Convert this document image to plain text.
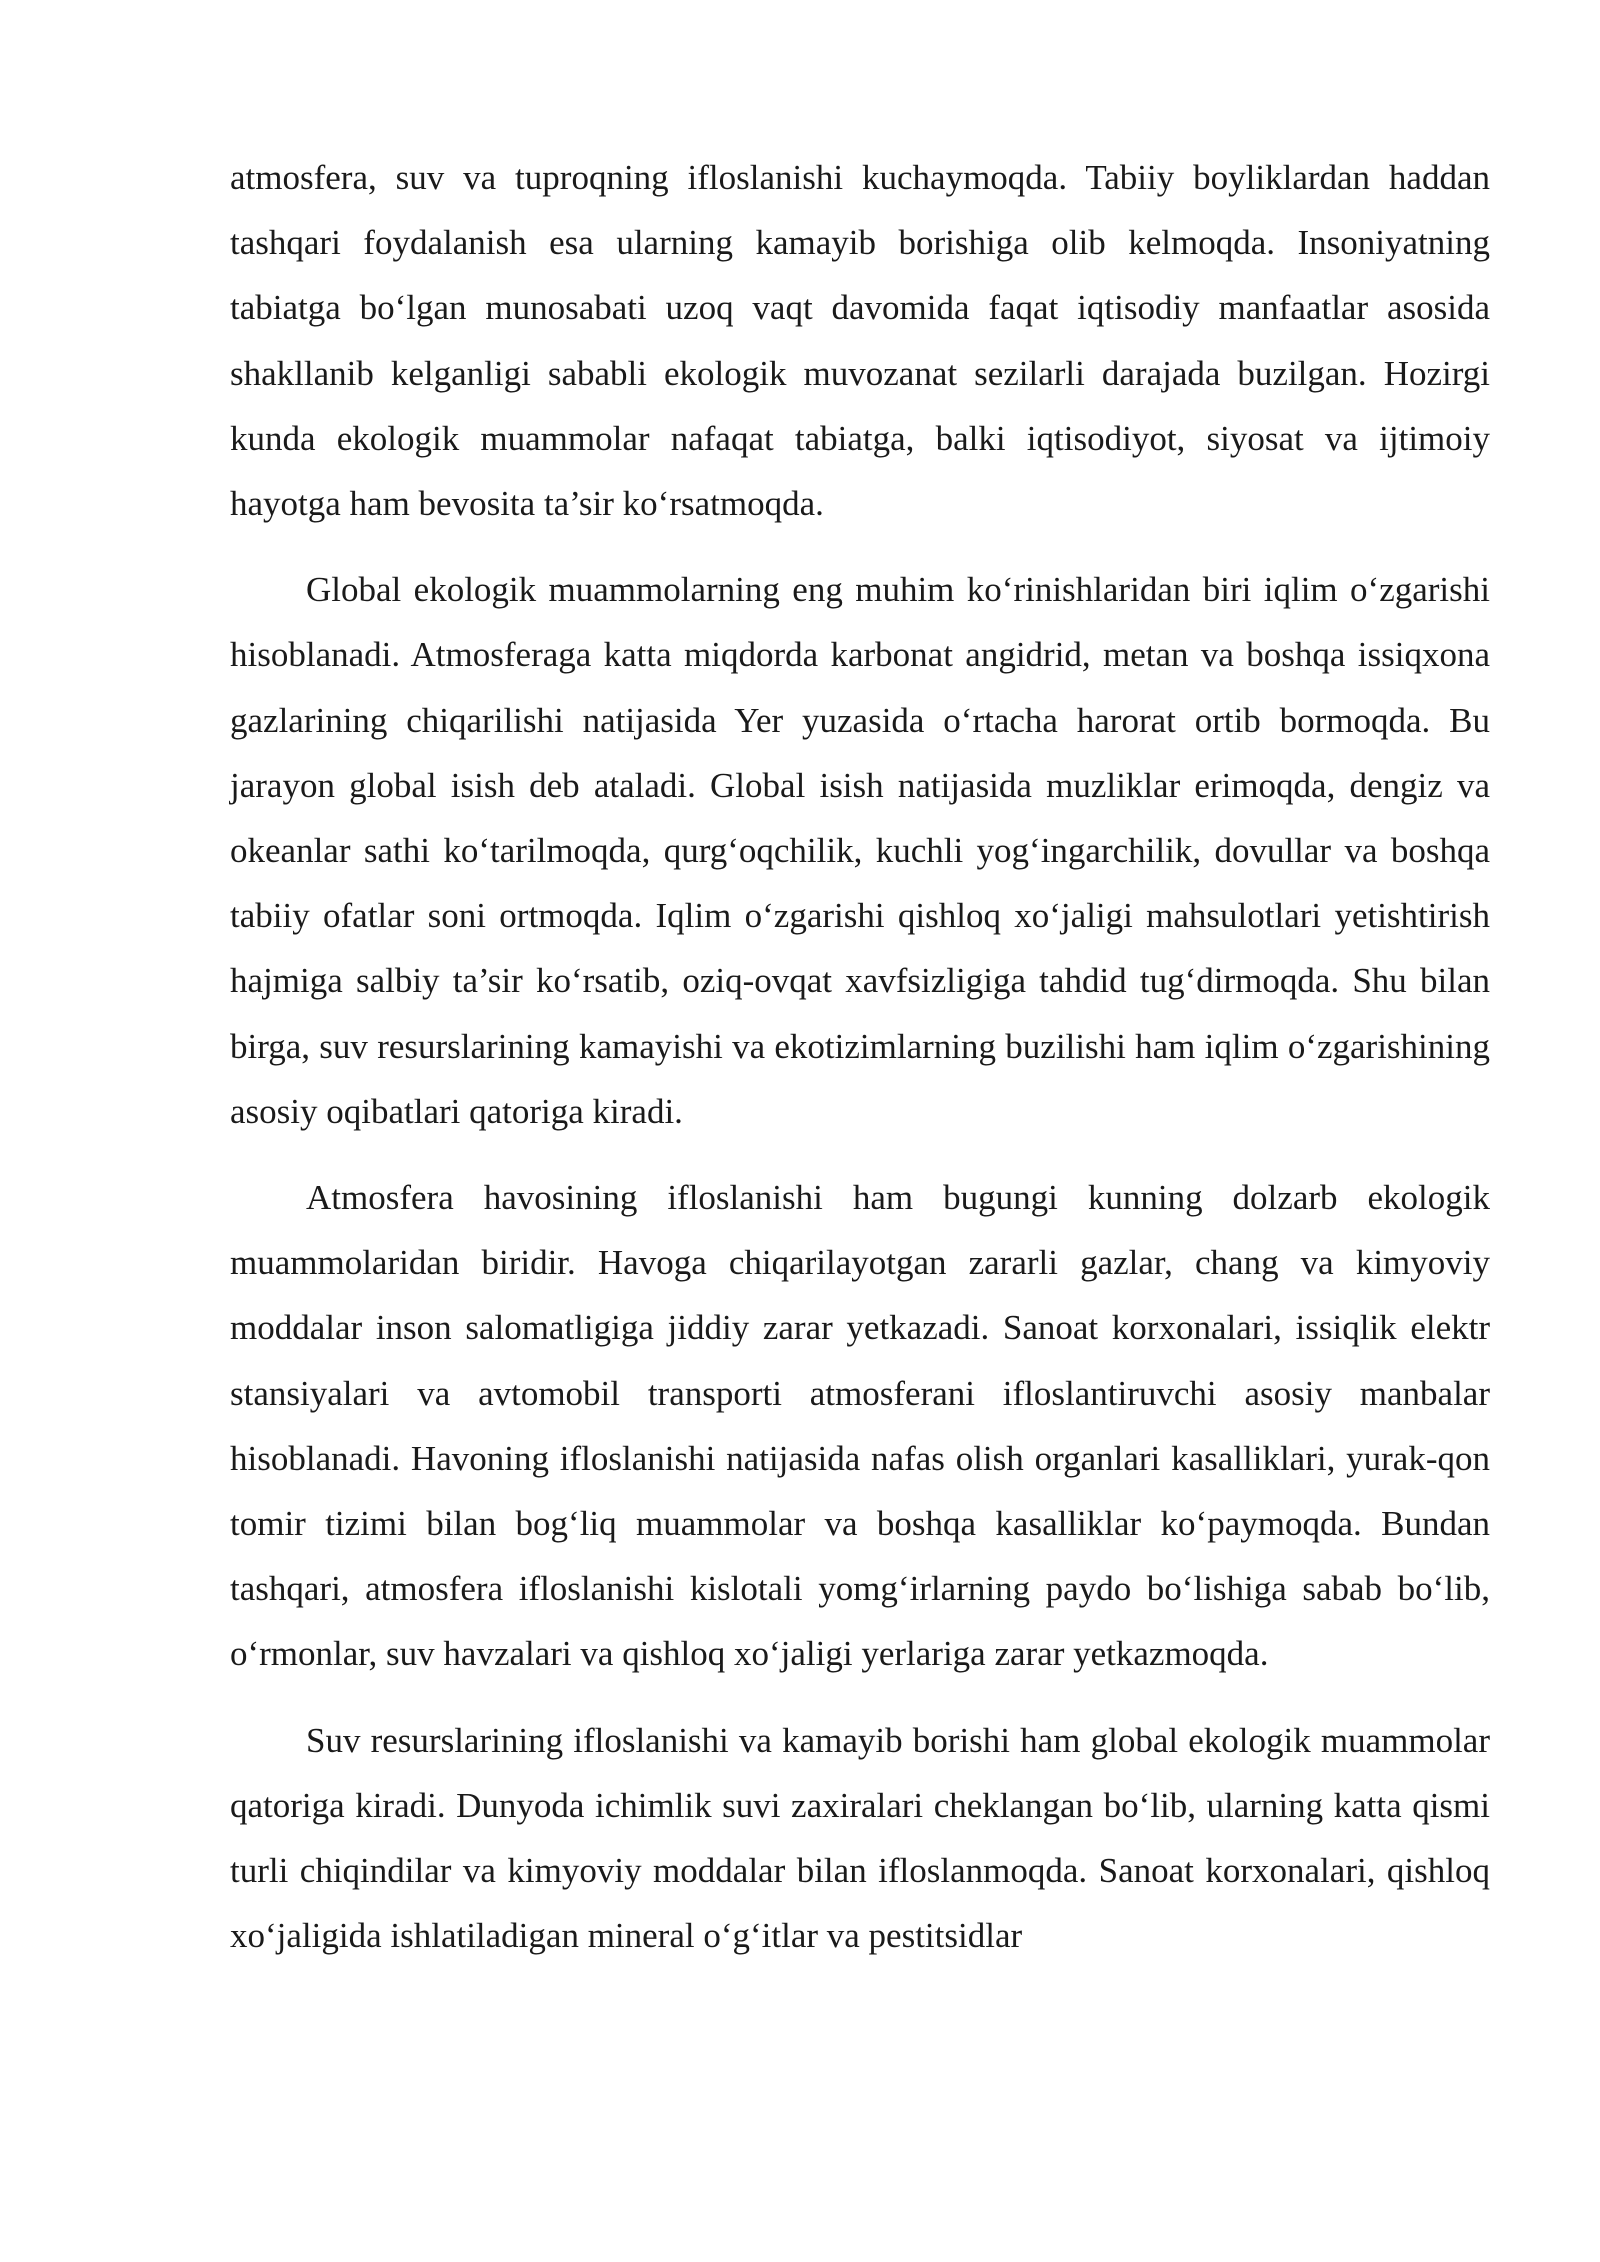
atmosfera, suv va tuproqning ifloslanishi kuchaymoqda. Tabiiy boyliklardan haddan tashqari foydalanish esa ularning kamayib borishiga olib kelmoqda. Insoniyatning tabiatga bo‘lgan munosabati uzoq vaqt davomida faqat iqtisodiy manfaatlar asosida shakllanib kelganligi sababli ekologik muvozanat sezilarli darajada buzilgan. Hozirgi kunda ekologik muammolar nafaqat tabiatga, balki iqtisodiyot, siyosat va ijtimoiy hayotga ham bevosita ta’sir ko‘rsatmoqda.

Global ekologik muammolarning eng muhim ko‘rinishlaridan biri iqlim o‘zgarishi hisoblanadi. Atmosferaga katta miqdorda karbonat angidrid, metan va boshqa issiqxona gazlarining chiqarilishi natijasida Yer yuzasida o‘rtacha harorat ortib bormoqda. Bu jarayon global isish deb ataladi. Global isish natijasida muzliklar erimoqda, dengiz va okeanlar sathi ko‘tarilmoqda, qurg‘oqchilik, kuchli yog‘ingarchilik, dovullar va boshqa tabiiy ofatlar soni ortmoqda. Iqlim o‘zgarishi qishloq xo‘jaligi mahsulotlari yetishtirish hajmiga salbiy ta’sir ko‘rsatib, oziq-ovqat xavfsizligiga tahdid tug‘dirmoqda. Shu bilan birga, suv resurslarining kamayishi va ekotizimlarning buzilishi ham iqlim o‘zgarishining asosiy oqibatlari qatoriga kiradi.

Atmosfera havosining ifloslanishi ham bugungi kunning dolzarb ekologik muammolaridan biridir. Havoga chiqarilayotgan zararli gazlar, chang va kimyoviy moddalar inson salomatligiga jiddiy zarar yetkazadi. Sanoat korxonalari, issiqlik elektr stansiyalari va avtomobil transporti atmosferani ifloslantiruvchi asosiy manbalar hisoblanadi. Havoning ifloslanishi natijasida nafas olish organlari kasalliklari, yurak-qon tomir tizimi bilan bog‘liq muammolar va boshqa kasalliklar ko‘paymoqda. Bundan tashqari, atmosfera ifloslanishi kislotali yomg‘irlarning paydo bo‘lishiga sabab bo‘lib, o‘rmonlar, suv havzalari va qishloq xo‘jaligi yerlariga zarar yetkazmoqda.

Suv resurslarining ifloslanishi va kamayib borishi ham global ekologik muammolar qatoriga kiradi. Dunyoda ichimlik suvi zaxiralari cheklangan bo‘lib, ularning katta qismi turli chiqindilar va kimyoviy moddalar bilan ifloslanmoqda. Sanoat korxonalari, qishloq xo‘jaligida ishlatiladigan mineral o‘g‘itlar va pestitsidlar
